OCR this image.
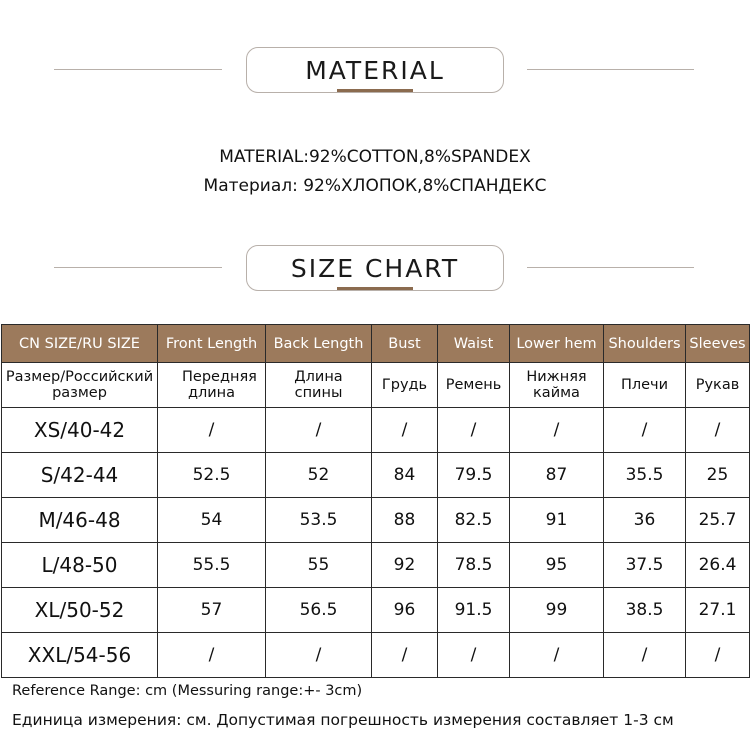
MATERIAL
MATERIAL:92%COTTON,8%SPANDEX
Материал: 92%ХЛОПОК,8%СПАНДЕКС
SIZE CHART
CN SIZE/RU SIZE	Front Length	Back Length	Bust	Waist	Lower hem	Shoulders	Sleeves
Размер/Российский размер	Передняя длина	Длина спины	Грудь	Ремень	Нижняя кайма	Плечи	Рукав
XS/40-42	/	/	/	/	/	/	/
S/42-44	52.5	52	84	79.5	87	35.5	25
M/46-48	54	53.5	88	82.5	91	36	25.7
L/48-50	55.5	55	92	78.5	95	37.5	26.4
XL/50-52	57	56.5	96	91.5	99	38.5	27.1
XXL/54-56	/	/	/	/	/	/	/
Reference Range: cm (Messuring range:+- 3cm)
Единица измерения: см. Допустимая погрешность измерения составляет 1-3 см
